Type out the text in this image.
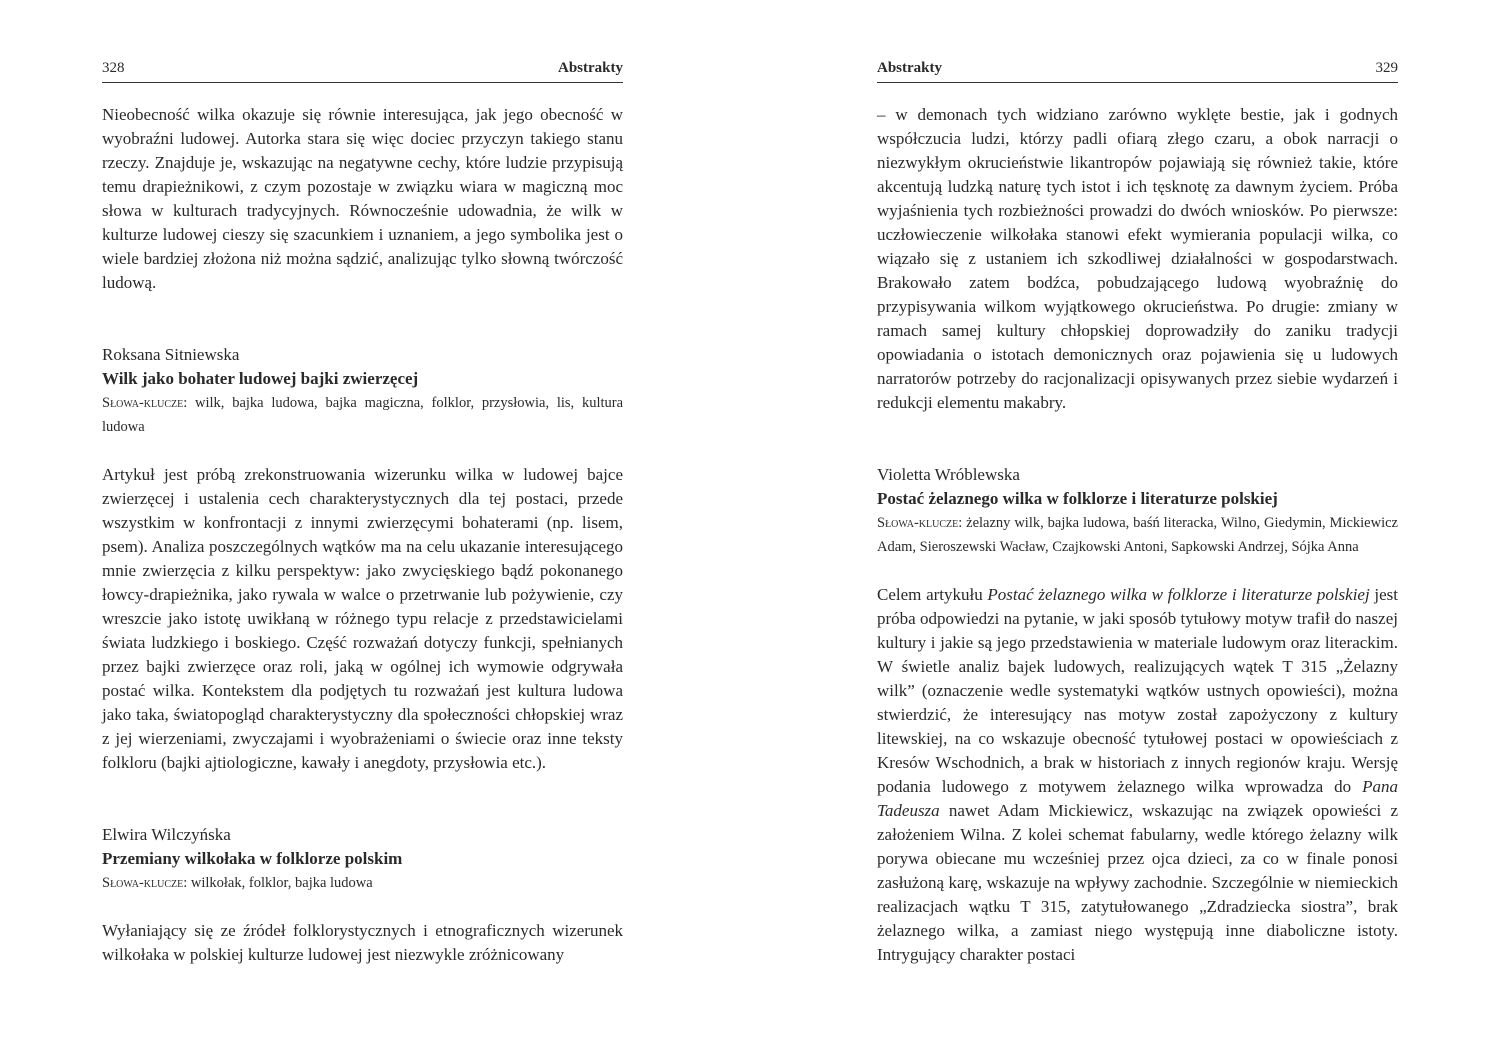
328	Abstrakty

Nieobecność wilka okazuje się równie interesująca, jak jego obecność w wyobraźni ludowej. Autorka stara się więc dociec przyczyn takiego stanu rzeczy. Znajduje je, wskazując na negatywne cechy, które ludzie przypisują temu drapieżnikowi, z czym pozostaje w związku wiara w magiczną moc słowa w kulturach tradycyjnych. Równocześnie udowadnia, że wilk w kulturze ludowej cieszy się szacunkiem i uznaniem, a jego symbolika jest o wiele bardziej złożona niż można sądzić, analizując tylko słowną twórczość ludową.

Roksana Sitniewska

Wilk jako bohater ludowej bajki zwierzęcej

Słowa-klucze: wilk, bajka ludowa, bajka magiczna, folklor, przysłowia, lis, kultura ludowa

Artykuł jest próbą zrekonstruowania wizerunku wilka w ludowej bajce zwierzęcej i ustalenia cech charakterystycznych dla tej postaci, przede wszystkim w konfrontacji z innymi zwierzęcymi bohaterami (np. lisem, psem). Analiza poszczególnych wątków ma na celu ukazanie interesującego mnie zwierzęcia z kilku perspektyw: jako zwycięskiego bądź pokonanego łowcy-drapieżnika, jako rywala w walce o przetrwanie lub pożywienie, czy wreszcie jako istotę uwikłaną w różnego typu relacje z przedstawicielami świata ludzkiego i boskiego. Część rozważań dotyczy funkcji, spełnianych przez bajki zwierzęce oraz roli, jaką w ogólnej ich wymowie odgrywała postać wilka. Kontekstem dla podjętych tu rozważań jest kultura ludowa jako taka, światopogląd charakterystyczny dla społeczności chłopskiej wraz z jej wierzeniami, zwyczajami i wyobrażeniami o świecie oraz inne teksty folkloru (bajki ajtiologiczne, kawały i anegdoty, przysłowia etc.).

Elwira Wilczyńska

Przemiany wilkołaka w folklorze polskim

Słowa-klucze: wilkołak, folklor, bajka ludowa

Wyłaniający się ze źródeł folklorystycznych i etnograficznych wizerunek wilkołaka w polskiej kulturze ludowej jest niezwykle zróżnicowany

Abstrakty	329

– w demonach tych widziano zarówno wyklęte bestie, jak i godnych współczucia ludzi, którzy padli ofiarą złego czaru, a obok narracji o niezwykłym okrucieństwie likantropów pojawiają się również takie, które akcentują ludzką naturę tych istot i ich tęsknotę za dawnym życiem. Próba wyjaśnienia tych rozbieżności prowadzi do dwóch wniosków. Po pierwsze: uczłowieczenie wilkołaka stanowi efekt wymierania populacji wilka, co wiązało się z ustaniem ich szkodliwej działalności w gospodarstwach. Brakowało zatem bodźca, pobudzającego ludową wyobraźnię do przypisywania wilkom wyjątkowego okrucieństwa. Po drugie: zmiany w ramach samej kultury chłopskiej doprowadziły do zaniku tradycji opowiadania o istotach demonicznych oraz pojawienia się u ludowych narratorów potrzeby do racjonalizacji opisywanych przez siebie wydarzeń i redukcji elementu makabry.

Violetta Wróblewska

Postać żelaznego wilka w folklorze i literaturze polskiej

Słowa-klucze: żelazny wilk, bajka ludowa, baśń literacka, Wilno, Giedymin, Mickiewicz Adam, Sieroszewski Wacław, Czajkowski Antoni, Sapkowski Andrzej, Sójka Anna

Celem artykułu Postać żelaznego wilka w folklorze i literaturze polskiej jest próba odpowiedzi na pytanie, w jaki sposób tytułowy motyw trafił do naszej kultury i jakie są jego przedstawienia w materiale ludowym oraz literackim. W świetle analiz bajek ludowych, realizujących wątek T 315 „Żelazny wilk” (oznaczenie wedle systematyki wątków ustnych opowieści), można stwierdzić, że interesujący nas motyw został zapożyczony z kultury litewskiej, na co wskazuje obecność tytułowej postaci w opowieściach z Kresów Wschodnich, a brak w historiach z innych regionów kraju. Wersję podania ludowego z motywem żelaznego wilka wprowadza do Pana Tadeusza nawet Adam Mickiewicz, wskazując na związek opowieści z założeniem Wilna. Z kolei schemat fabularny, wedle którego żelazny wilk porywa obiecane mu wcześniej przez ojca dzieci, za co w finale ponosi zasłużoną karę, wskazuje na wpływy zachodnie. Szczególnie w niemieckich realizacjach wątku T 315, zatytułowanego „Zdradziecka siostra”, brak żelaznego wilka, a zamiast niego występują inne diaboliczne istoty. Intrygujący charakter postaci
